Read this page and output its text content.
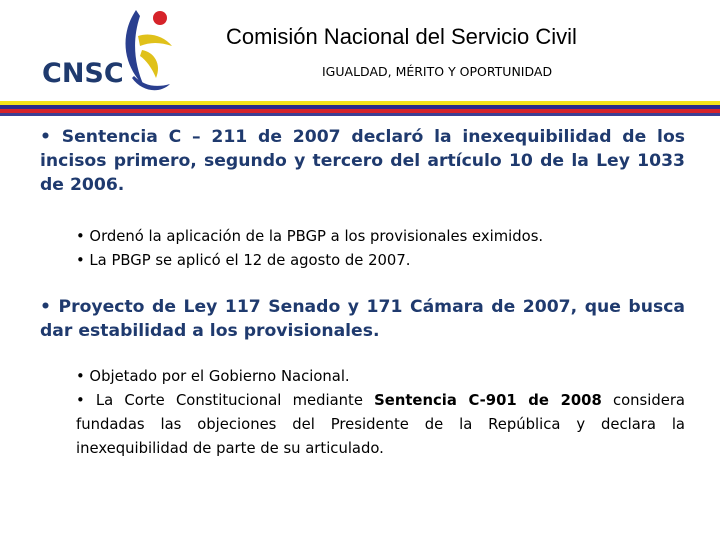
CNSC
Comisión Nacional del Servicio Civil
IGUALDAD, MÉRITO Y OPORTUNIDAD
• Sentencia C – 211 de 2007 declaró la inexequibilidad de los incisos primero, segundo y tercero del artículo 10 de la Ley 1033 de 2006.
• Ordenó la aplicación de la PBGP a los provisionales eximidos.
• La PBGP se aplicó el 12 de agosto de 2007.
• Proyecto de Ley 117 Senado y 171 Cámara de 2007, que busca dar estabilidad a los provisionales.
• Objetado por el Gobierno Nacional.
• La Corte Constitucional mediante Sentencia C-901 de 2008 considera fundadas las objeciones del Presidente de la República y declara la inexequibilidad de parte de su articulado.
